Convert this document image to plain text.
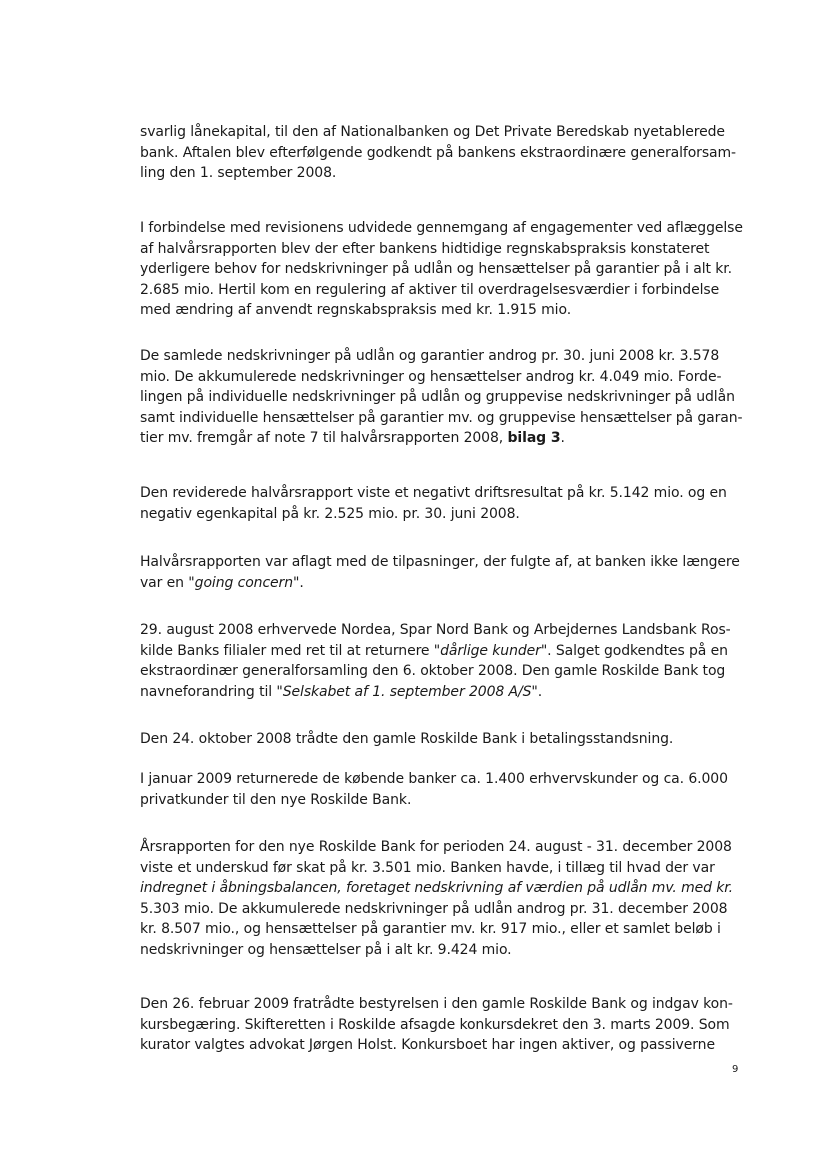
svarlig lånekapital, til den af Nationalbanken og Det Private Beredskab nyetablerede bank. Aftalen blev efterfølgende godkendt på bankens ekstraordinære generalforsam-ling den 1. september 2008.

I forbindelse med revisionens udvidede gennemgang af engagementer ved aflæggelse af halvårsrapporten blev der efter bankens hidtidige regnskabspraksis konstateret yderligere behov for nedskrivninger på udlån og hensættelser på garantier på i alt kr. 2.685 mio. Hertil kom en regulering af aktiver til overdragelsesværdier i forbindelse med ændring af anvendt regnskabspraksis med kr. 1.915 mio.

De samlede nedskrivninger på udlån og garantier androg pr. 30. juni 2008 kr. 3.578 mio. De akkumulerede nedskrivninger og hensættelser androg kr. 4.049 mio. Forde-lingen på individuelle nedskrivninger på udlån og gruppevise nedskrivninger på udlån samt individuelle hensættelser på garantier mv. og gruppevise hensættelser på garan-tier mv. fremgår af note 7 til halvårsrapporten 2008, bilag 3.

Den reviderede halvårsrapport viste et negativt driftsresultat på kr. 5.142 mio. og en negativ egenkapital på kr. 2.525 mio. pr. 30. juni 2008.

Halvårsrapporten var aflagt med de tilpasninger, der fulgte af, at banken ikke længere var en "going concern".

29. august 2008 erhvervede Nordea, Spar Nord Bank og Arbejdernes Landsbank Ros-kilde Banks filialer med ret til at returnere "dårlige kunder". Salget godkendtes på en ekstraordinær generalforsamling den 6. oktober 2008. Den gamle Roskilde Bank tog navneforandring til "Selskabet af 1. september 2008 A/S".

Den 24. oktober 2008 trådte den gamle Roskilde Bank i betalingsstandsning.

I januar 2009 returnerede de købende banker ca. 1.400 erhvervskunder og ca. 6.000 privatkunder til den nye Roskilde Bank.

Årsrapporten for den nye Roskilde Bank for perioden 24. august - 31. december 2008 viste et underskud før skat på kr. 3.501 mio. Banken havde, i tillæg til hvad der var indregnet i åbningsbalancen, foretaget nedskrivning af værdien på udlån mv. med kr. 5.303 mio. De akkumulerede nedskrivninger på udlån androg pr. 31. december 2008 kr. 8.507 mio., og hensættelser på garantier mv. kr. 917 mio., eller et samlet beløb i nedskrivninger og hensættelser på i alt kr. 9.424 mio.

Den 26. februar 2009 fratrådte bestyrelsen i den gamle Roskilde Bank og indgav kon-kursbegæring. Skifteretten i Roskilde afsagde konkursdekret den 3. marts 2009. Som kurator valgtes advokat Jørgen Holst. Konkursboet har ingen aktiver, og passiverne

9
